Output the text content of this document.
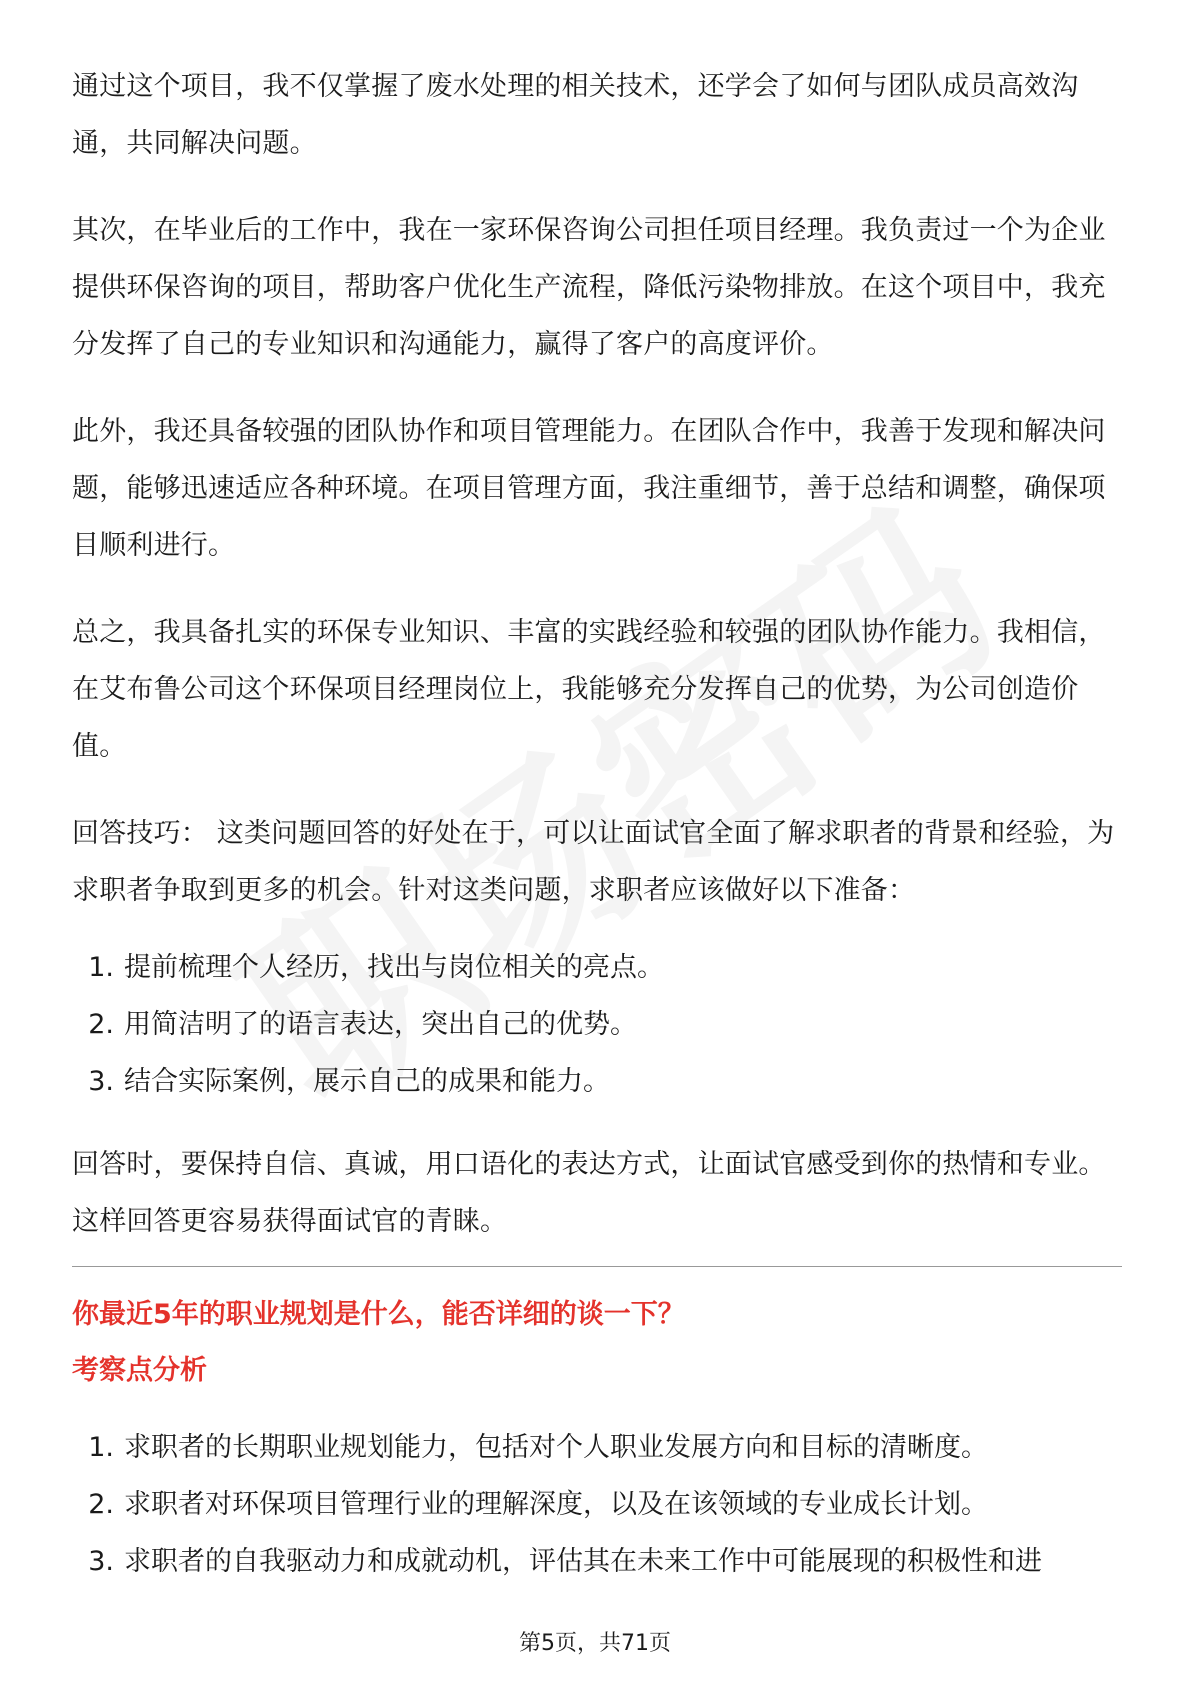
通过这个项目，我不仅掌握了废水处理的相关技术，还学会了如何与团队成员高效沟通，共同解决问题。

其次，在毕业后的工作中，我在一家环保咨询公司担任项目经理。我负责过一个为企业提供环保咨询的项目，帮助客户优化生产流程，降低污染物排放。在这个项目中，我充分发挥了自己的专业知识和沟通能力，赢得了客户的高度评价。

此外，我还具备较强的团队协作和项目管理能力。在团队合作中，我善于发现和解决问题，能够迅速适应各种环境。在项目管理方面，我注重细节，善于总结和调整，确保项目顺利进行。

总之，我具备扎实的环保专业知识、丰富的实践经验和较强的团队协作能力。我相信，在艾布鲁公司这个环保项目经理岗位上，我能够充分发挥自己的优势，为公司创造价值。

回答技巧： 这类问题回答的好处在于，可以让面试官全面了解求职者的背景和经验，为求职者争取到更多的机会。针对这类问题，求职者应该做好以下准备：

1. 提前梳理个人经历，找出与岗位相关的亮点。
2. 用简洁明了的语言表达，突出自己的优势。
3. 结合实际案例，展示自己的成果和能力。

回答时，要保持自信、真诚，用口语化的表达方式，让面试官感受到你的热情和专业。这样回答更容易获得面试官的青睐。

你最近5年的职业规划是什么，能否详细的谈一下？

考察点分析

1. 求职者的长期职业规划能力，包括对个人职业发展方向和目标的清晰度。
2. 求职者对环保项目管理行业的理解深度，以及在该领域的专业成长计划。
3. 求职者的自我驱动力和成就动机，评估其在未来工作中可能展现的积极性和进
第5页，共71页
